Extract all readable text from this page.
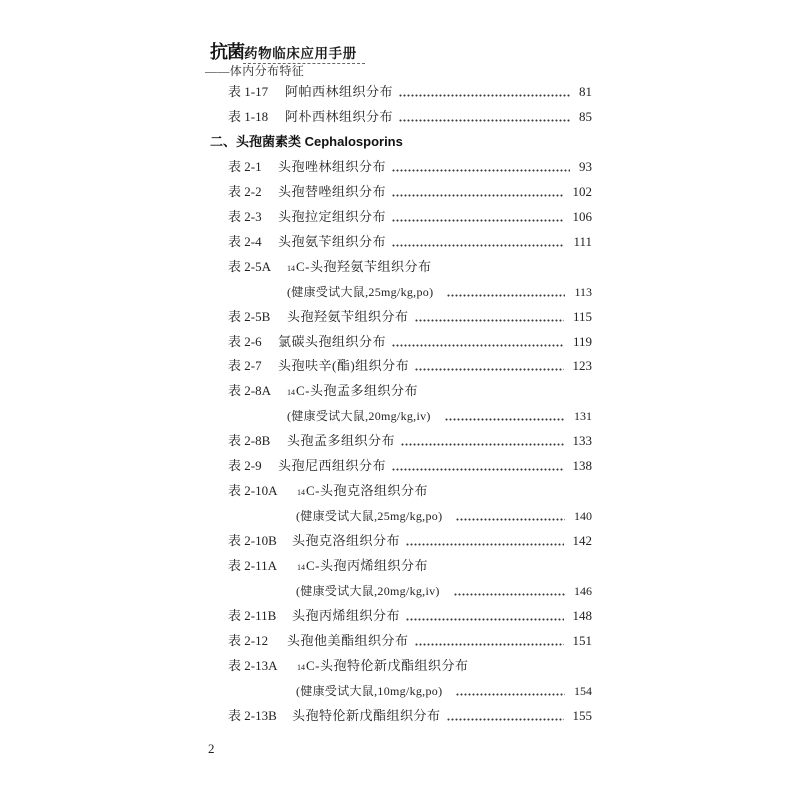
抗菌 药物临床应用手册
——体内分布特征
表 1-17	阿帕西林组织分布	81
表 1-18	阿朴西林组织分布	85
二、头孢菌素类 Cephalosporins
表 2-1	头孢唑林组织分布	93
表 2-2	头孢替唑组织分布	102
表 2-3	头孢拉定组织分布	106
表 2-4	头孢氨苄组织分布	111
表 2-5A	14 C-头孢羟氨苄组织分布
(健康受试大鼠,25mg/kg,po)	113
表 2-5B	头孢羟氨苄组织分布	115
表 2-6	氯碳头孢组织分布	119
表 2-7	头孢呋辛(酯)组织分布	123
表 2-8A	14 C-头孢孟多组织分布
(健康受试大鼠,20mg/kg,iv)	131
表 2-8B	头孢孟多组织分布	133
表 2-9	头孢尼西组织分布	138
表 2-10A	14 C-头孢克洛组织分布
(健康受试大鼠,25mg/kg,po)	140
表 2-10B	头孢克洛组织分布	142
表 2-11A	14 C-头孢丙烯组织分布
(健康受试大鼠,20mg/kg,iv)	146
表 2-11B	头孢丙烯组织分布	148
表 2-12	头孢他美酯组织分布	151
表 2-13A	14 C-头孢特伦新戊酯组织分布
(健康受试大鼠,10mg/kg,po)	154
表 2-13B	头孢特伦新戊酯组织分布	155
2
